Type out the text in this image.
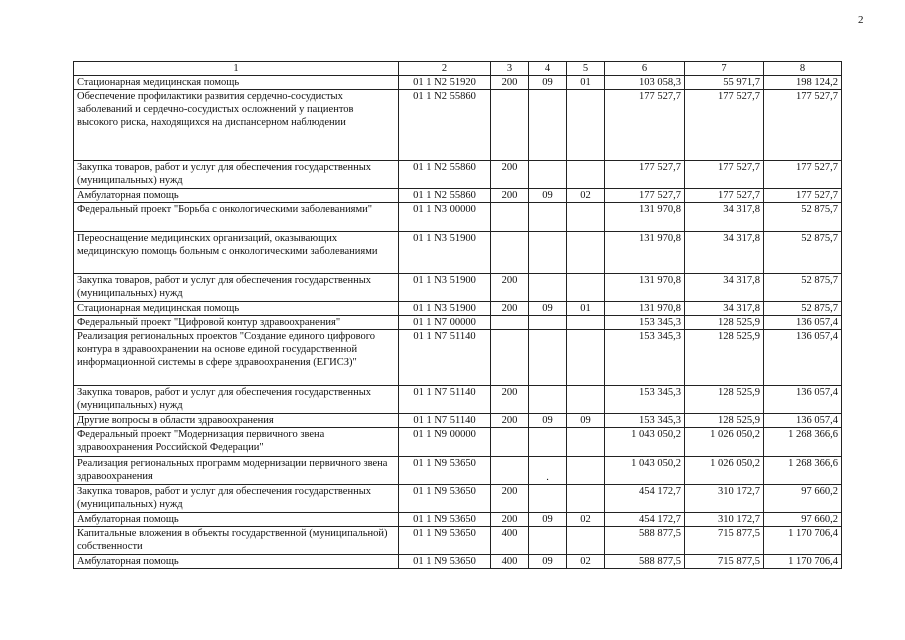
2
1	2	3	4	5	6	7	8
Стационарная медицинская помощь	01 1 N2 51920	200	09	01	103 058,3	55 971,7	198 124,2
Обеспечение профилактики развития сердечно-сосудистых заболеваний и сердечно-сосудистых осложнений у пациентов высокого риска, находящихся на диспансерном наблюдении	01 1 N2 55860				177 527,7	177 527,7	177 527,7
Закупка товаров, работ и услуг для обеспечения государственных (муниципальных) нужд	01 1 N2 55860	200			177 527,7	177 527,7	177 527,7
Амбулаторная помощь	01 1 N2 55860	200	09	02	177 527,7	177 527,7	177 527,7
Федеральный проект "Борьба с онкологическими заболеваниями"	01 1 N3 00000				131 970,8	34 317,8	52 875,7
Переоснащение медицинских организаций, оказывающих медицинскую помощь больным с онкологическими заболеваниями	01 1 N3 51900				131 970,8	34 317,8	52 875,7
Закупка товаров, работ и услуг для обеспечения государственных (муниципальных) нужд	01 1 N3 51900	200			131 970,8	34 317,8	52 875,7
Стационарная медицинская помощь	01 1 N3 51900	200	09	01	131 970,8	34 317,8	52 875,7
Федеральный проект "Цифровой контур здравоохранения"	01 1 N7 00000				153 345,3	128 525,9	136 057,4
Реализация региональных проектов "Создание единого цифрового контура в здравоохранении на основе единой государственной информационной системы в сфере здравоохранения (ЕГИСЗ)"	01 1 N7 51140				153 345,3	128 525,9	136 057,4
Закупка товаров, работ и услуг для обеспечения государственных (муниципальных) нужд	01 1 N7 51140	200			153 345,3	128 525,9	136 057,4
Другие вопросы в области здравоохранения	01 1 N7 51140	200	09	09	153 345,3	128 525,9	136 057,4
Федеральный проект "Модернизация первичного звена здравоохранения Российской Федерации"	01 1 N9 00000				1 043 050,2	1 026 050,2	1 268 366,6
Реализация региональных программ модернизации первичного звена здравоохранения	01 1 N9 53650		.		1 043 050,2	1 026 050,2	1 268 366,6
Закупка товаров, работ и услуг для обеспечения государственных (муниципальных) нужд	01 1 N9 53650	200			454 172,7	310 172,7	97 660,2
Амбулаторная помощь	01 1 N9 53650	200	09	02	454 172,7	310 172,7	97 660,2
Капитальные вложения в объекты государственной (муниципальной) собственности	01 1 N9 53650	400			588 877,5	715 877,5	1 170 706,4
Амбулаторная помощь	01 1 N9 53650	400	09	02	588 877,5	715 877,5	1 170 706,4
